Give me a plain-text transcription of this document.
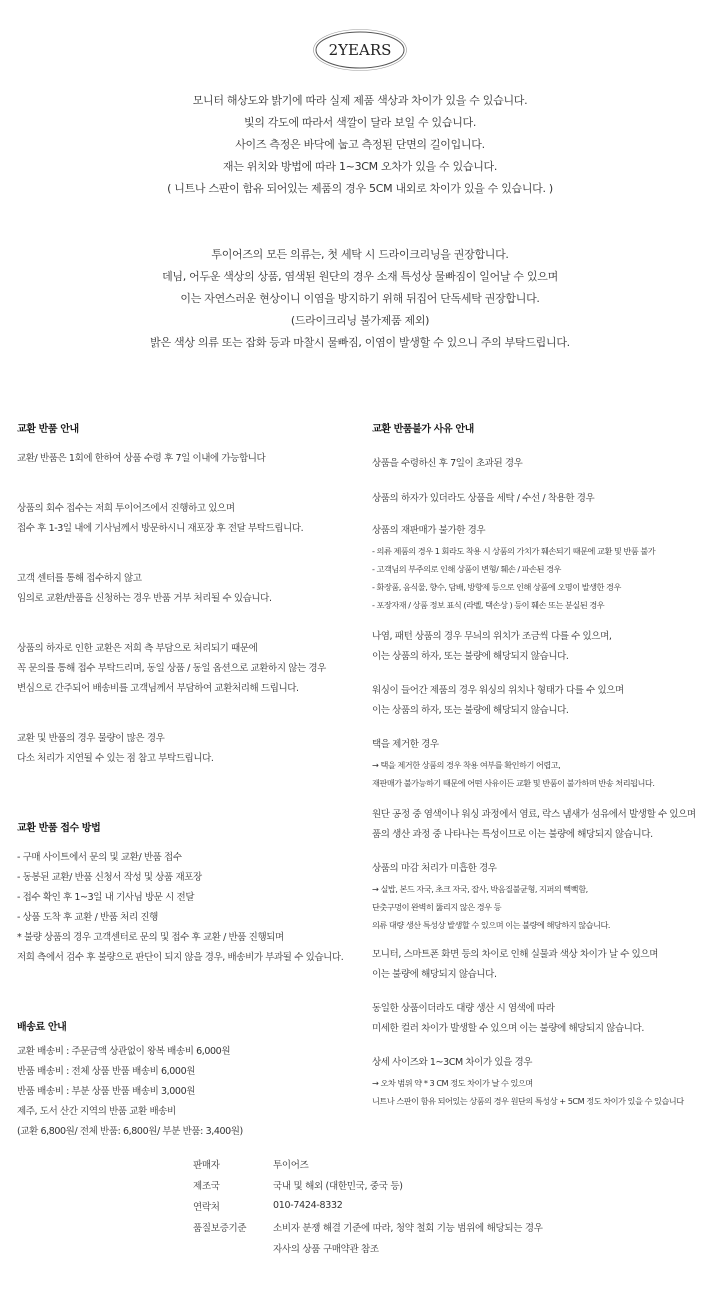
2YEARS

모니터 해상도와 밝기에 따라 실제 제품 색상과 차이가 있을 수 있습니다.

빛의 각도에 따라서 색깔이 달라 보일 수 있습니다.

사이즈 측정은 바닥에 눕고 측정된 단면의 길이입니다.

재는 위치와 방법에 따라 1~3CM 오차가 있을 수 있습니다.

( 니트나 스판이 함유 되어있는 제품의 경우 5CM 내외로 차이가 있을 수 있습니다. )

투이어즈의 모든 의류는, 첫 세탁 시 드라이크리닝을 권장합니다.

데님, 어두운 색상의 상품, 염색된 원단의 경우 소재 특성상 물빠짐이 일어날 수 있으며

이는 자연스러운 현상이니 이염을 방지하기 위해 뒤집어 단독세탁 권장합니다.

(드라이크리닝 불가제품 제외)

밝은 색상 의류 또는 잡화 등과 마찰시 물빠짐, 이염이 발생할 수 있으니 주의 부탁드립니다.

교환 반품 안내
교환/ 반품은 1회에 한하여 상품 수령 후 7일 이내에 가능합니다
상품의 회수 접수는 저희 투이어즈에서 진행하고 있으며
접수 후 1-3일 내에 기사님께서 방문하시니 재포장 후 전달 부탁드립니다.
고객 센터를 통해 접수하지 않고
임의로 교환/반품을 신청하는 경우 반품 거부 처리될 수 있습니다.
상품의 하자로 인한 교환은 저희 측 부담으로 처리되기 때문에
꼭 문의를 통해 접수 부탁드리며, 동일 상품 / 동일 옵션으로 교환하지 않는 경우
변심으로 간주되어 배송비를 고객님께서 부담하여 교환처리해 드립니다.
교환 및 반품의 경우 물량이 많은 경우
다소 처리가 지연될 수 있는 점 참고 부탁드립니다.
교환 반품 접수 방법
- 구매 사이트에서 문의 및 교환/ 반품 접수
- 동봉된 교환/ 반품 신청서 작성 및 상품 재포장
- 접수 확인 후 1~3일 내 기사님 방문 시 전달
- 상품 도착 후 교환 / 반품 처리 진행
* 불량 상품의 경우 고객센터로 문의 및 접수 후 교환 / 반품 진행되며
저희 측에서 검수 후 불량으로 판단이 되지 않을 경우, 배송비가 부과될 수 있습니다.
배송료 안내
교환 배송비 : 주문금액 상관없이 왕복 배송비 6,000원
반품 배송비 : 전체 상품 반품 배송비 6,000원
반품 배송비 : 부분 상품 반품 배송비 3,000원
제주, 도서 산간 지역의 반품 교환 배송비
(교환 6,800원/ 전체 반품: 6,800원/ 부분 반품: 3,400원)
교환 반품불가 사유 안내
상품을 수령하신 후 7일이 초과된 경우
상품의 하자가 있더라도 상품을 세탁 / 수선 / 착용한 경우
상품의 재판매가 불가한 경우
- 의류 제품의 경우 1 회라도 착용 시 상품의 가치가 훼손되기 때문에 교환 및 반품 불가
- 고객님의 부주의로 인해 상품이 변형/ 훼손 / 파손된 경우
- 화장품, 음식물, 향수, 담배, 방향제 등으로 인해 상품에 오명이 발생한 경우
- 포장자재 / 상품 정보 표식 (라벨, 택손상 ) 등이 훼손 또는 분실된 경우
나염, 패턴 상품의 경우 무늬의 위치가 조금씩 다를 수 있으며,
이는 상품의 하자, 또는 불량에 해당되지 않습니다.
워싱이 들어간 제품의 경우 워싱의 위치나 형태가 다를 수 있으며
이는 상품의 하자, 또는 불량에 해당되지 않습니다.
택을 제거한 경우
→ 택을 제거한 상품의 경우 착용 여부를 확인하기 어렵고,
재판매가 불가능하기 때문에 어떤 사유이든 교환 및 반품이 불가하며 반송 처리됩니다.
원단 공정 중 염색이나 워싱 과정에서 염료, 락스 냄새가 섬유에서 발생할 수 있으며
품의 생산 과정 중 나타나는 특성이므로 이는 불량에 해당되지 않습니다.
상품의 마감 처리가 미흡한 경우
→ 실밥, 본드 자국, 초크 자국, 잡사, 박음질불균형, 지퍼의 뻑뻑함,
단춧구멍이 완벽히 뚫리지 않은 경우 등
의류 대량 생산 특성상 발생할 수 있으며 이는 불량에 해당하지 않습니다.
모니터, 스마트폰 화면 등의 차이로 인해 실물과 색상 차이가 날 수 있으며
이는 불량에 해당되지 않습니다.
동일한 상품이더라도 대량 생산 시 염색에 따라
미세한 컬러 차이가 발생할 수 있으며 이는 불량에 해당되지 않습니다.
상세 사이즈와 1~3CM 차이가 있을 경우
→ 오차 범위 약 * 3 CM 정도 차이가 날 수 있으며
니트나 스판이 함유 되어있는 상품의 경우 원단의 특성상 + 5CM 정도 차이가 있을 수 있습니다
판매자	투이어즈
제조국	국내 및 해외 (대한민국, 중국 등)
연락처	010-7424-8332
품질보증기준	소비자 분쟁 해결 기준에 따라, 청약 철회 기능 범위에 해당되는 경우
자사의 상품 구매약관 참조
